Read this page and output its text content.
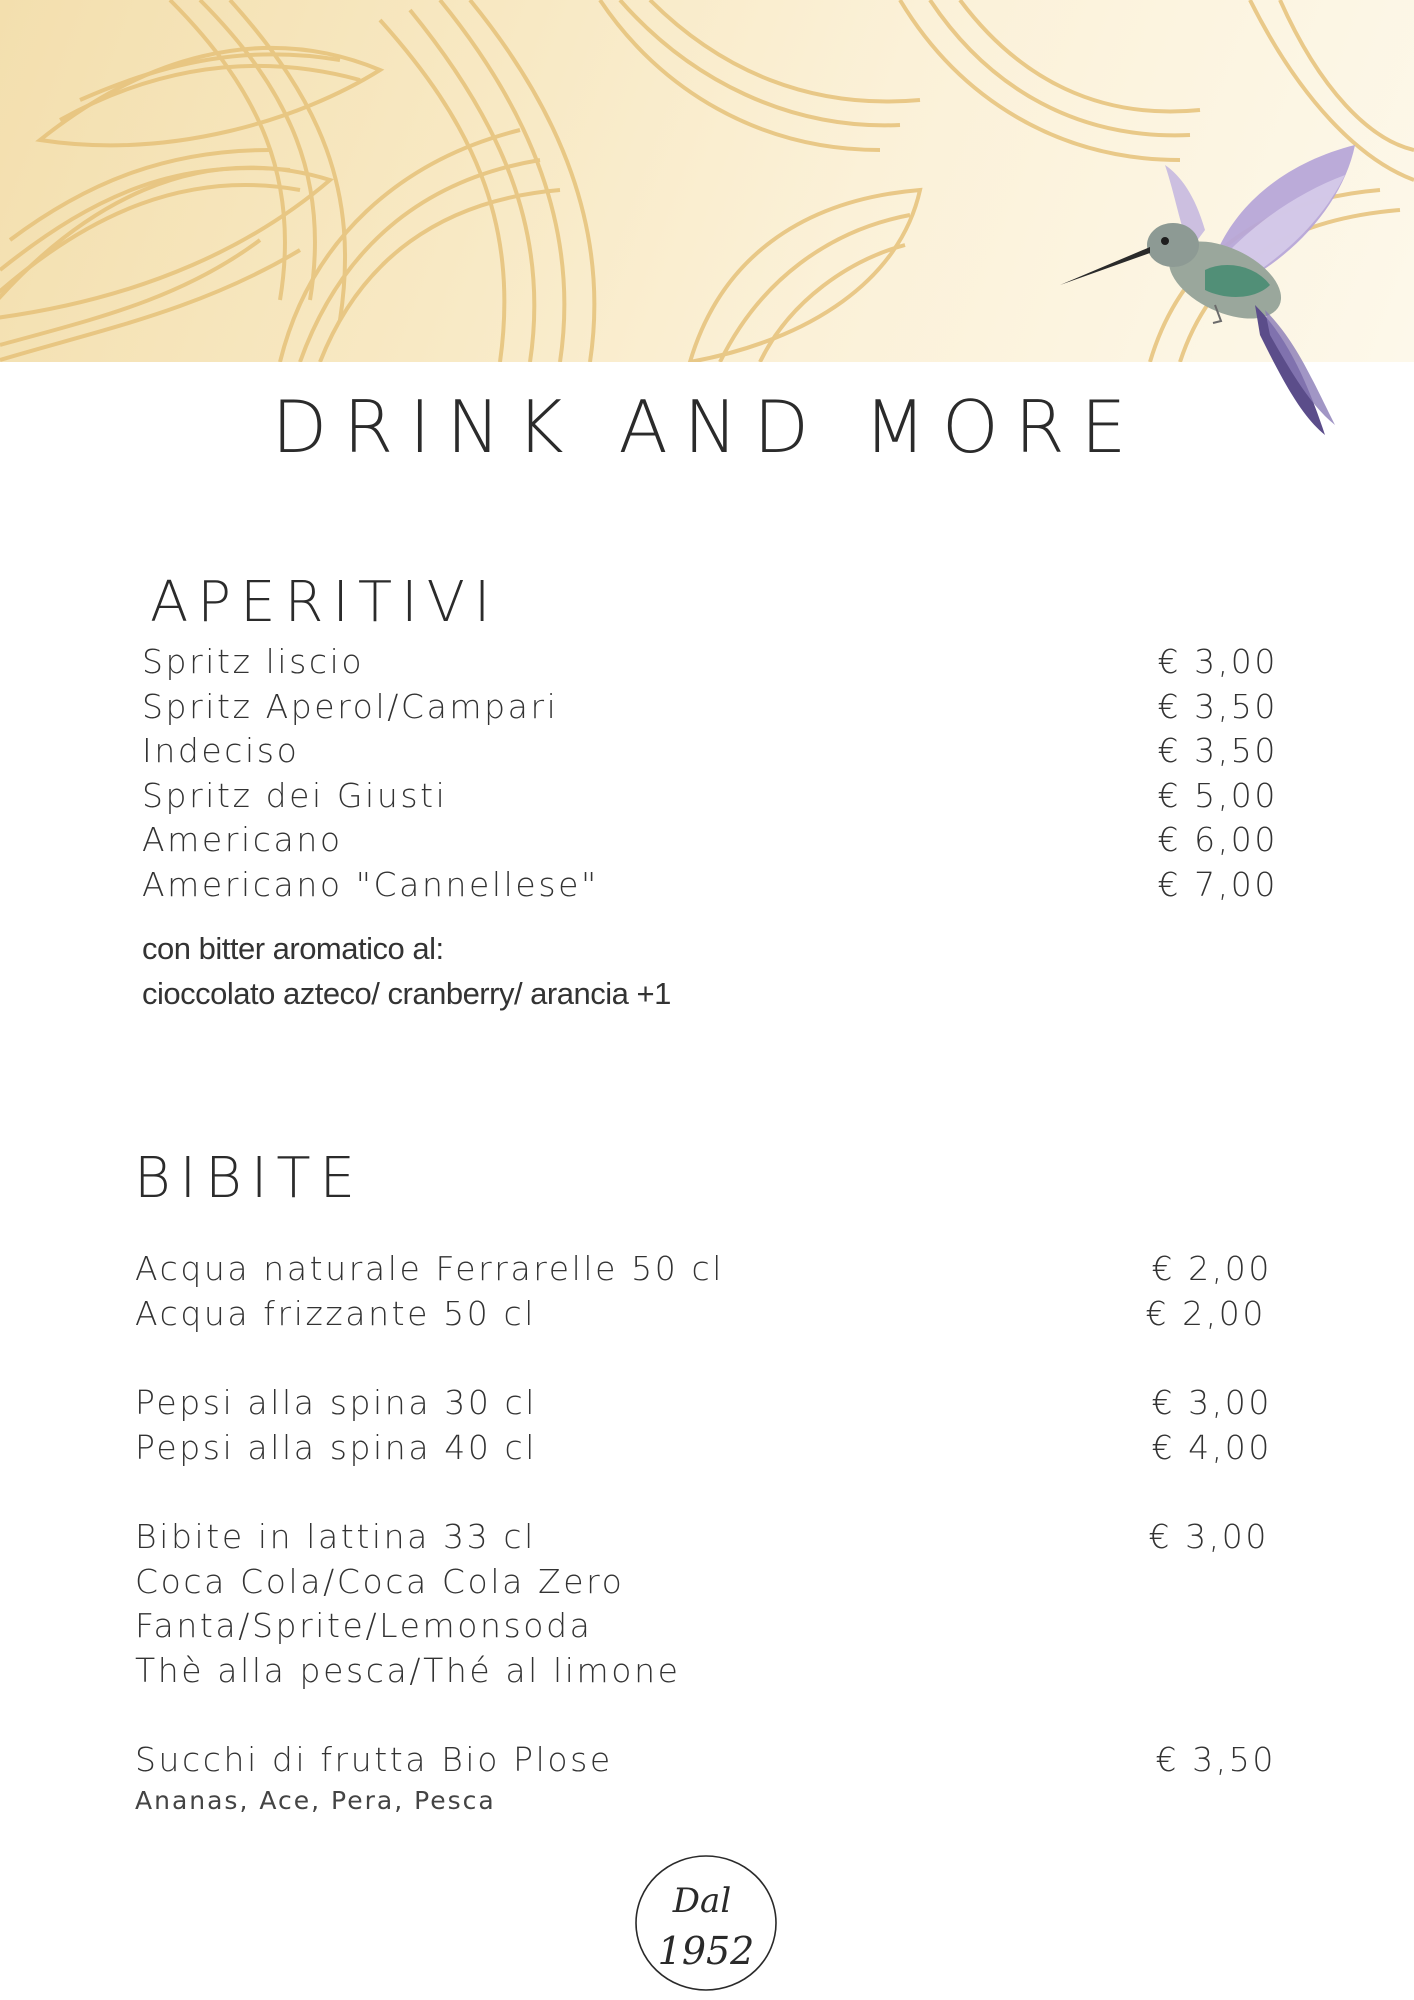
DRINK AND MORE
APERITIVI
Spritz liscio	€ 3,00
Spritz Aperol/Campari	€ 3,50
Indeciso	€ 3,50
Spritz dei Giusti	€ 5,00
Americano	€ 6,00
Americano "Cannellese"	€ 7,00
con bitter aromatico al:
cioccolato azteco/ cranberry/ arancia +1
BIBITE
Acqua naturale Ferrarelle 50 cl	€ 2,00
Acqua frizzante 50 cl	€ 2,00
Pepsi alla spina 30 cl	€ 3,00
Pepsi alla spina 40 cl	€ 4,00
Bibite in lattina 33 cl	€ 3,00
Coca Cola/Coca Cola Zero
Fanta/Sprite/Lemonsoda
Thè alla pesca/Thé al limone
Succhi di frutta Bio Plose	€ 3,50
Ananas, Ace, Pera, Pesca
Dal
1952
